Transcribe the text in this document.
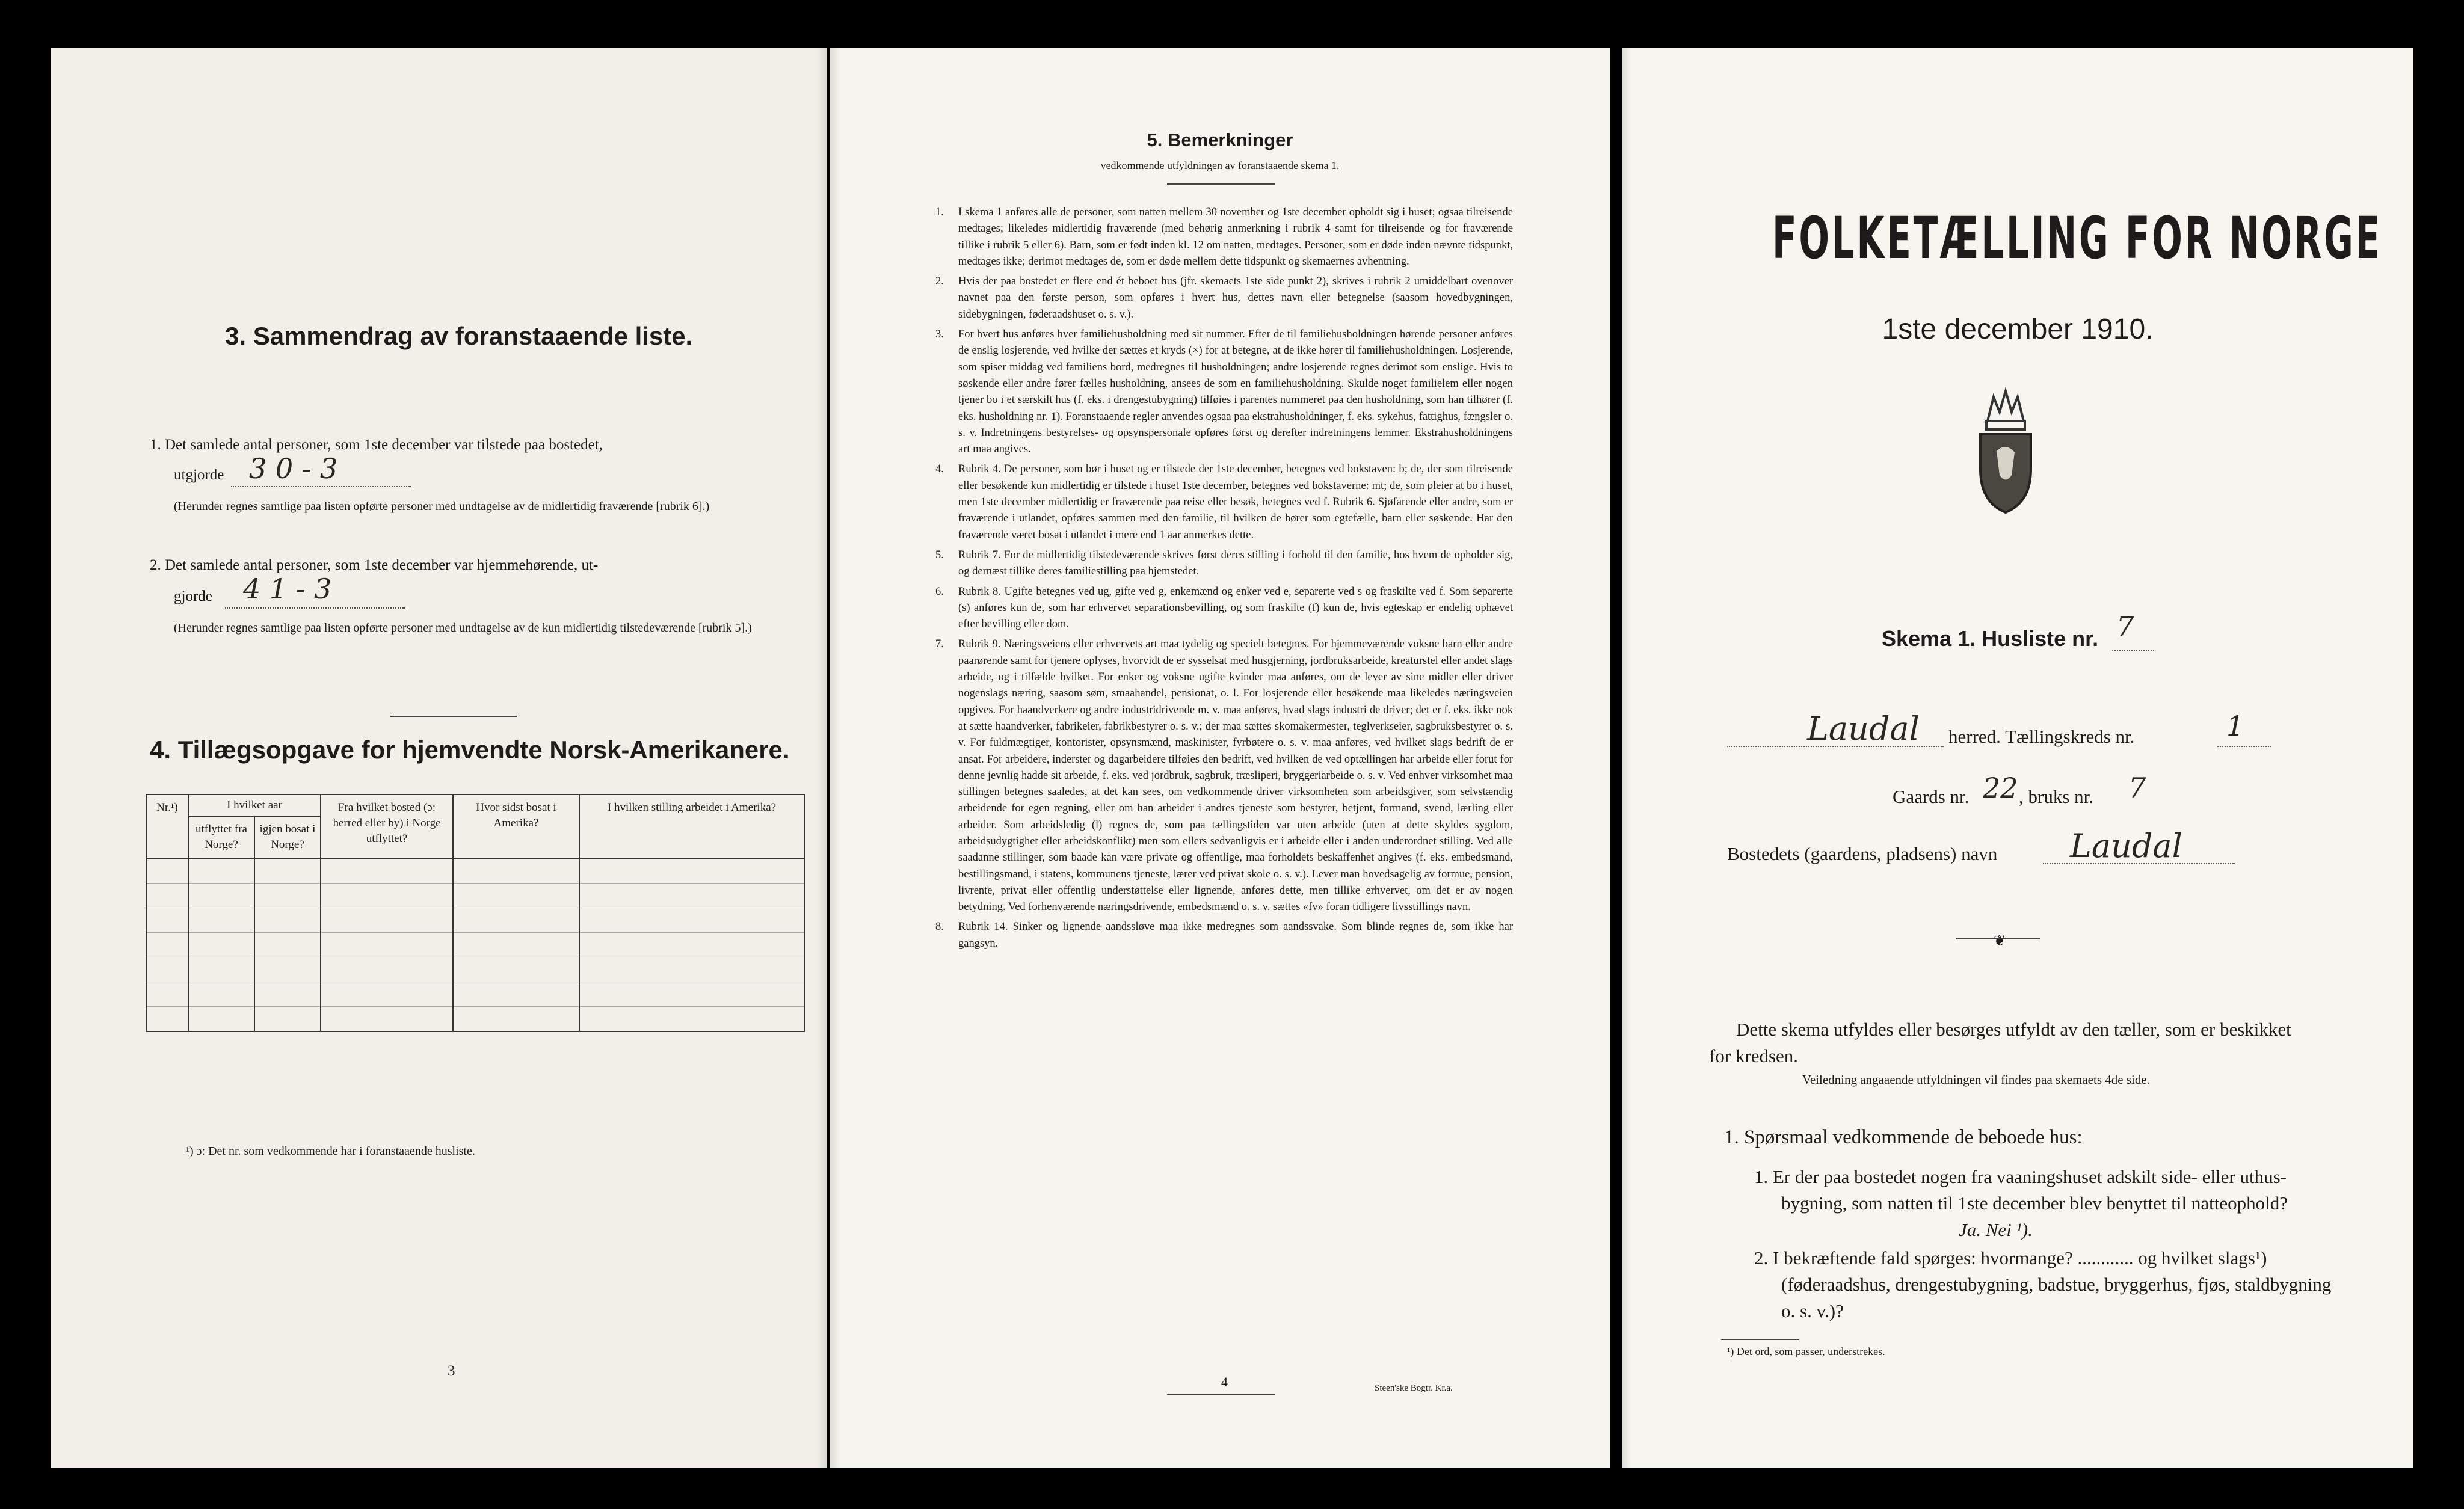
3. Sammendrag av foranstaaende liste.
1. Det samlede antal personer, som 1ste december var tilstede paa bostedet,
utgjorde 3 0 - 3
(Herunder regnes samtlige paa listen opførte personer med undtagelse av de midlertidig fraværende [rubrik 6].)
2. Det samlede antal personer, som 1ste december var hjemmehørende, ut-
gjorde 4 1 - 3
(Herunder regnes samtlige paa listen opførte personer med undtagelse av de kun midlertidig tilstedeværende [rubrik 5].)
4. Tillægsopgave for hjemvendte Norsk-Amerikanere.
Nr.¹)	I hvilket aar		Fra hvilket bosted (ɔ: herred eller by) i Norge utflyttet?	Hvor sidst bosat i Amerika?	I hvilken stilling arbeidet i Amerika?
	utflyttet fra Norge?	igjen bosat i Norge?			

¹) ɔ: Det nr. som vedkommende har i foranstaaende husliste.
3
5. Bemerkninger
vedkommende utfyldningen av foranstaaende skema 1.
1. I skema 1 anføres alle de personer, som natten mellem 30 november og 1ste december opholdt sig i huset; ogsaa tilreisende medtages; likeledes midlertidig fraværende (med behørig anmerkning i rubrik 4 samt for tilreisende og for fraværende tillike i rubrik 5 eller 6). Barn, som er født inden kl. 12 om natten, medtages. Personer, som er døde inden nævnte tidspunkt, medtages ikke; derimot medtages de, som er døde mellem dette tidspunkt og skemaernes avhentning.
2. Hvis der paa bostedet er flere end ét beboet hus (jfr. skemaets 1ste side punkt 2), skrives i rubrik 2 umiddelbart ovenover navnet paa den første person, som opføres i hvert hus, dettes navn eller betegnelse (saasom hovedbygningen, sidebygningen, føderaadshuset o. s. v.).
3. For hvert hus anføres hver familiehusholdning med sit nummer. Efter de til familiehusholdningen hørende personer anføres de enslig losjerende, ved hvilke der sættes et kryds (×) for at betegne, at de ikke hører til familiehusholdningen. Losjerende, som spiser middag ved familiens bord, medregnes til husholdningen; andre losjerende regnes derimot som enslige. Hvis to søskende eller andre fører fælles husholdning, ansees de som en familiehusholdning. Skulde noget familielem eller nogen tjener bo i et særskilt hus (f. eks. i drengestubygning) tilføies i parentes nummeret paa den husholdning, som han tilhører (f. eks. husholdning nr. 1). Foranstaaende regler anvendes ogsaa paa ekstrahusholdninger, f. eks. sykehus, fattighus, fængsler o. s. v. Indretningens bestyrelses- og opsynspersonale opføres først og derefter indretningens lemmer. Ekstrahusholdningens art maa angives.
4. Rubrik 4. De personer, som bør i huset og er tilstede der 1ste december, betegnes ved bokstaven: b; de, der som tilreisende eller besøkende kun midlertidig er tilstede i huset 1ste december, betegnes ved bokstaverne: mt; de, som pleier at bo i huset, men 1ste december midlertidig er fraværende paa reise eller besøk, betegnes ved f. Rubrik 6. Sjøfarende eller andre, som er fraværende i utlandet, opføres sammen med den familie, til hvilken de hører som egtefælle, barn eller søskende. Har den fraværende været bosat i utlandet i mere end 1 aar anmerkes dette.
5. Rubrik 7. For de midlertidig tilstedeværende skrives først deres stilling i forhold til den familie, hos hvem de opholder sig, og dernæst tillike deres familiestilling paa hjemstedet.
6. Rubrik 8. Ugifte betegnes ved ug, gifte ved g, enkemænd og enker ved e, separerte ved s og fraskilte ved f. Som separerte (s) anføres kun de, som har erhvervet separationsbevilling, og som fraskilte (f) kun de, hvis egteskap er endelig ophævet efter bevilling eller dom.
7. Rubrik 9. Næringsveiens eller erhvervets art maa tydelig og specielt betegnes. For hjemmeværende voksne barn eller andre paarørende samt for tjenere oplyses, hvorvidt de er sysselsat med husgjerning, jordbruksarbeide, kreaturstel eller andet slags arbeide, og i tilfælde hvilket. For enker og voksne ugifte kvinder maa anføres, om de lever av sine midler eller driver nogenslags næring, saasom søm, smaahandel, pensionat, o. l. For losjerende eller besøkende maa likeledes næringsveien opgives. For haandverkere og andre industridrivende m. v. maa anføres, hvad slags industri de driver; det er f. eks. ikke nok at sætte haandverker, fabrikeier, fabrikbestyrer o. s. v.; der maa sættes skomakermester, teglverkseier, sagbruksbestyrer o. s. v. For fuldmægtiger, kontorister, opsynsmænd, maskinister, fyrbøtere o. s. v. maa anføres, ved hvilket slags bedrift de er ansat. For arbeidere, inderster og dagarbeidere tilføies den bedrift, ved hvilken de ved optællingen har arbeide eller forut for denne jevnlig hadde sit arbeide, f. eks. ved jordbruk, sagbruk, træsliperi, bryggeriarbeide o. s. v. Ved enhver virksomhet maa stillingen betegnes saaledes, at det kan sees, om vedkommende driver virksomheten som arbeidsgiver, som selvstændig arbeidende for egen regning, eller om han arbeider i andres tjeneste som bestyrer, betjent, formand, svend, lærling eller arbeider. Som arbeidsledig (l) regnes de, som paa tællingstiden var uten arbeide (uten at dette skyldes sygdom, arbeidsudygtighet eller arbeidskonflikt) men som ellers sedvanligvis er i arbeide eller i anden underordnet stilling. Ved alle saadanne stillinger, som baade kan være private og offentlige, maa forholdets beskaffenhet angives (f. eks. embedsmand, bestillingsmand, i statens, kommunens tjeneste, lærer ved privat skole o. s. v.). Lever man hovedsagelig av formue, pension, livrente, privat eller offentlig understøttelse eller lignende, anføres dette, men tillike erhvervet, om det er av nogen betydning. Ved forhenværende næringsdrivende, embedsmænd o. s. v. sættes «fv» foran tidligere livsstillings navn.
8. Rubrik 14. Sinker og lignende aandssløve maa ikke medregnes som aandssvake. Som blinde regnes de, som ikke har gangsyn.
4	Steen'ske Bogtr. Kr.a.
FOLKETÆLLING FOR NORGE
1ste december 1910.
Skema 1. Husliste nr. 7
Laudal herred. Tællingskreds nr.	1
Gaards nr. 22 , bruks nr. 7
Bostedets (gaardens, pladsens) navn Laudal
❦
Dette skema utfyldes eller besørges utfyldt av den tæller, som er beskikket for kredsen.
Veiledning angaaende utfyldningen vil findes paa skemaets 4de side.
1. Spørsmaal vedkommende de beboede hus:
1. Er der paa bostedet nogen fra vaaningshuset adskilt side- eller uthus-bygning, som natten til 1ste december blev benyttet til natteophold?
Ja. Nei ¹).
2. I bekræftende fald spørges: hvormange? ............ og hvilket slags¹) (føderaadshus, drengestubygning, badstue, bryggerhus, fjøs, staldbygning o. s. v.)?
¹) Det ord, som passer, understrekes.
